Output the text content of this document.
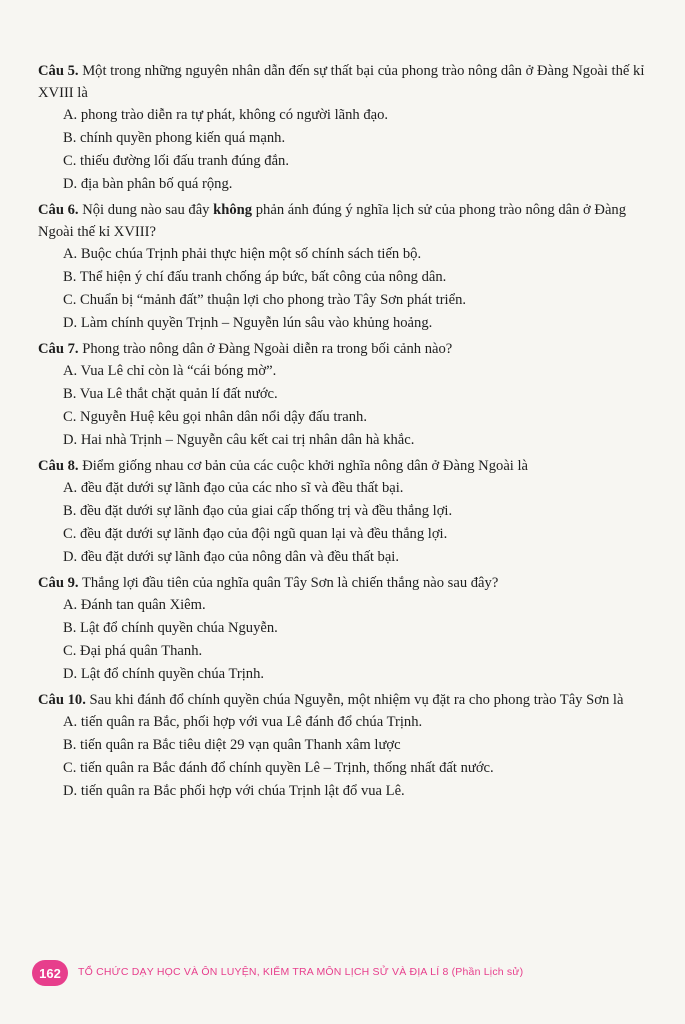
Câu 5. Một trong những nguyên nhân dẫn đến sự thất bại của phong trào nông dân ở Đàng Ngoài thế kỉ XVIII là

A. phong trào diễn ra tự phát, không có người lãnh đạo.
B. chính quyền phong kiến quá mạnh.
C. thiếu đường lối đấu tranh đúng đắn.
D. địa bàn phân bố quá rộng.

Câu 6. Nội dung nào sau đây không phản ánh đúng ý nghĩa lịch sử của phong trào nông dân ở Đàng Ngoài thế kỉ XVIII?

A. Buộc chúa Trịnh phải thực hiện một số chính sách tiến bộ.
B. Thể hiện ý chí đấu tranh chống áp bức, bất công của nông dân.
C. Chuẩn bị “mảnh đất” thuận lợi cho phong trào Tây Sơn phát triển.
D. Làm chính quyền Trịnh – Nguyễn lún sâu vào khủng hoảng.

Câu 7. Phong trào nông dân ở Đàng Ngoài diễn ra trong bối cảnh nào?

A. Vua Lê chỉ còn là “cái bóng mờ”.
B. Vua Lê thắt chặt quản lí đất nước.
C. Nguyễn Huệ kêu gọi nhân dân nổi dậy đấu tranh.
D. Hai nhà Trịnh – Nguyễn câu kết cai trị nhân dân hà khắc.

Câu 8. Điểm giống nhau cơ bản của các cuộc khởi nghĩa nông dân ở Đàng Ngoài là

A. đều đặt dưới sự lãnh đạo của các nho sĩ và đều thất bại.
B. đều đặt dưới sự lãnh đạo của giai cấp thống trị và đều thắng lợi.
C. đều đặt dưới sự lãnh đạo của đội ngũ quan lại và đều thắng lợi.
D. đều đặt dưới sự lãnh đạo của nông dân và đều thất bại.

Câu 9. Thắng lợi đầu tiên của nghĩa quân Tây Sơn là chiến thắng nào sau đây?

A. Đánh tan quân Xiêm.
B. Lật đổ chính quyền chúa Nguyễn.
C. Đại phá quân Thanh.
D. Lật đổ chính quyền chúa Trịnh.

Câu 10. Sau khi đánh đổ chính quyền chúa Nguyễn, một nhiệm vụ đặt ra cho phong trào Tây Sơn là

A. tiến quân ra Bắc, phối hợp với vua Lê đánh đổ chúa Trịnh.
B. tiến quân ra Bắc tiêu diệt 29 vạn quân Thanh xâm lược
C. tiến quân ra Bắc đánh đổ chính quyền Lê – Trịnh, thống nhất đất nước.
D. tiến quân ra Bắc phối hợp với chúa Trịnh lật đổ vua Lê.
162	TỔ CHỨC DẠY HỌC VÀ ÔN LUYỆN, KIỂM TRA MÔN LỊCH SỬ VÀ ĐỊA LÍ 8 (Phần Lịch sử)
